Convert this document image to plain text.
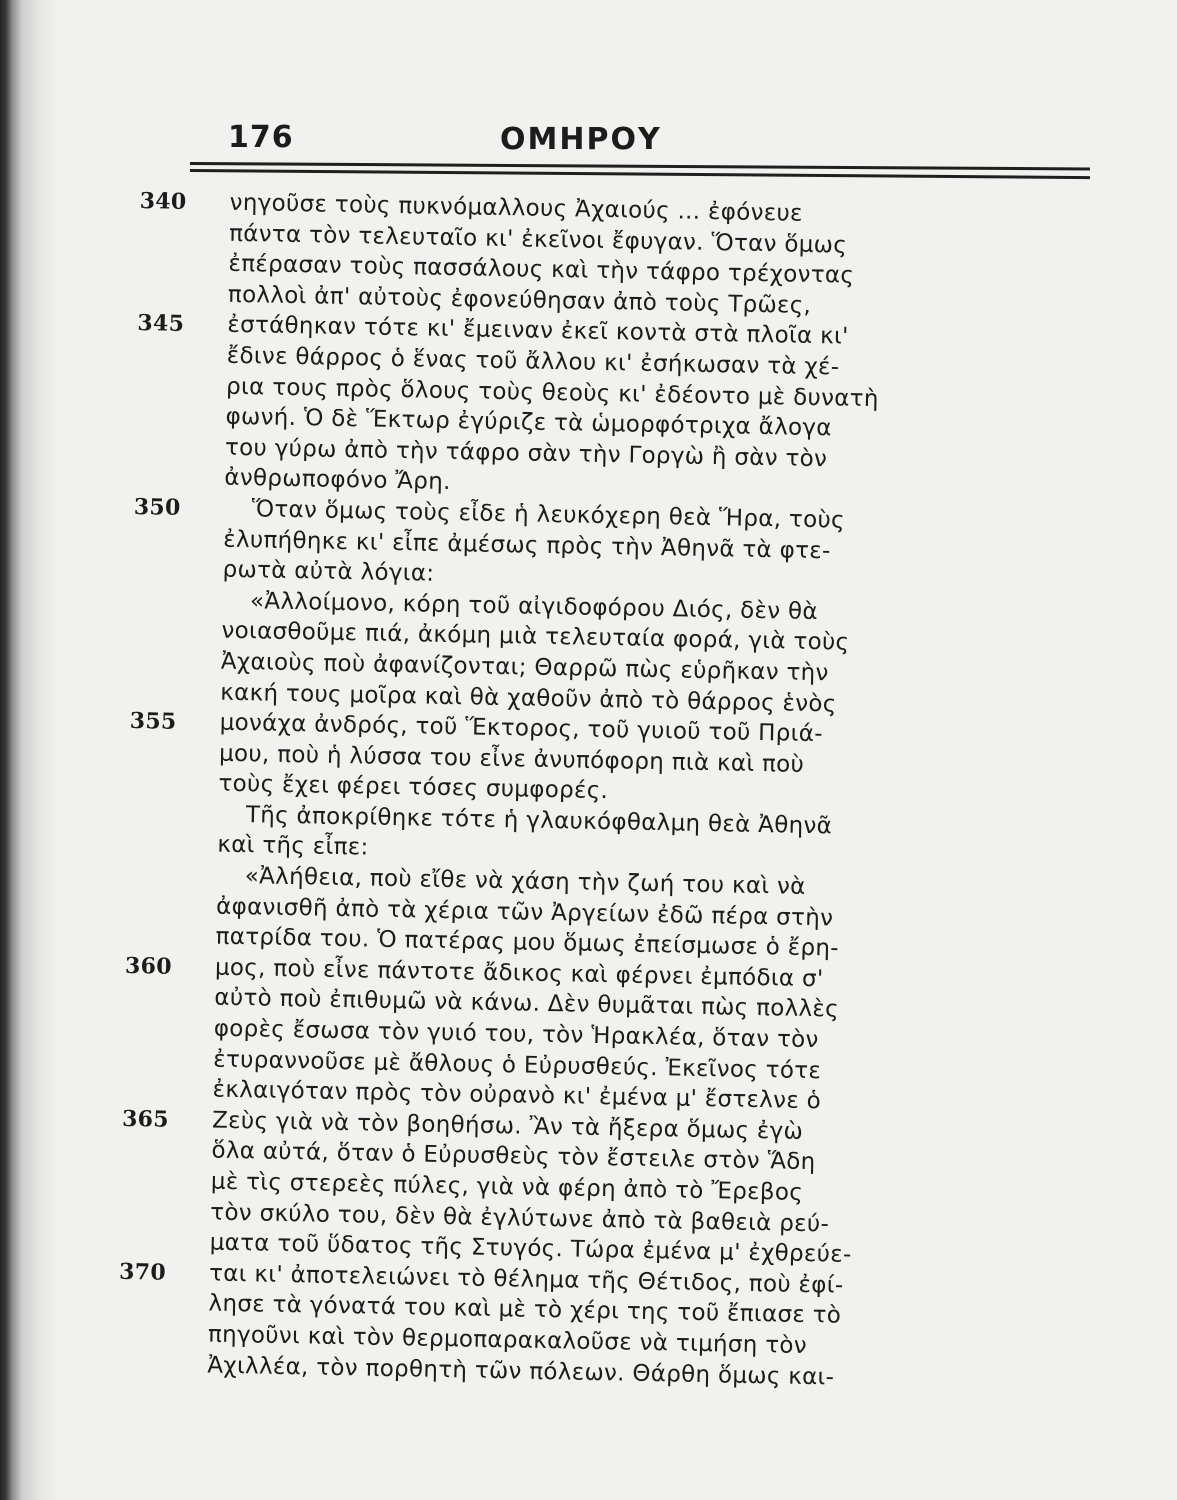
176	ΟΜΗΡΟΥ
340 νηγοῦσε τοὺς πυκνόμαλλους Ἀχαιούς ... ἐφόνευε
πάντα τὸν τελευταῖο κι' ἐκεῖνοι ἔφυγαν. Ὅταν ὅμως
ἐπέρασαν τοὺς πασσάλους καὶ τὴν τάφρο τρέχοντας
πολλοὶ ἀπ' αὐτοὺς ἐφονεύθησαν ἀπὸ τοὺς Τρῶες,
345 ἐστάθηκαν τότε κι' ἔμειναν ἐκεῖ κοντὰ στὰ πλοῖα κι'
ἔδινε θάρρος ὁ ἕνας τοῦ ἄλλου κι' ἐσήκωσαν τὰ χέ-
ρια τους πρὸς ὅλους τοὺς θεοὺς κι' ἐδέοντο μὲ δυνατὴ
φωνή. Ὁ δὲ Ἕκτωρ ἐγύριζε τὰ ὡμορφότριχα ἄλογα
του γύρω ἀπὸ τὴν τάφρο σὰν τὴν Γοργὼ ἢ σὰν τὸν
ἀνθρωποφόνο Ἄρη.
350	Ὅταν ὅμως τοὺς εἶδε ἡ λευκόχερη θεὰ Ἥρα, τοὺς
ἐλυπήθηκε κι' εἶπε ἀμέσως πρὸς τὴν Ἀθηνᾶ τὰ φτε-
ρωτὰ αὐτὰ λόγια:
«Ἀλλοίμονο, κόρη τοῦ αἰγιδοφόρου Διός, δὲν θὰ
νοιασθοῦμε πιά, ἀκόμη μιὰ τελευταία φορά, γιὰ τοὺς
Ἀχαιοὺς ποὺ ἀφανίζονται; Θαρρῶ πὼς εὑρῆκαν τὴν
κακή τους μοῖρα καὶ θὰ χαθοῦν ἀπὸ τὸ θάρρος ἑνὸς
355 μονάχα ἀνδρός, τοῦ Ἕκτορος, τοῦ γυιοῦ τοῦ Πριά-
μου, ποὺ ἡ λύσσα του εἶνε ἀνυπόφορη πιὰ καὶ ποὺ
τοὺς ἔχει φέρει τόσες συμφορές.
Τῆς ἀποκρίθηκε τότε ἡ γλαυκόφθαλμη θεὰ Ἀθηνᾶ
καὶ τῆς εἶπε:
«Ἀλήθεια, ποὺ εἴθε νὰ χάση τὴν ζωή του καὶ νὰ
ἀφανισθῆ ἀπὸ τὰ χέρια τῶν Ἀργείων ἐδῶ πέρα στὴν
πατρίδα του. Ὁ πατέρας μου ὅμως ἐπείσμωσε ὁ ἔρη-
360 μος, ποὺ εἶνε πάντοτε ἄδικος καὶ φέρνει ἐμπόδια σ'
αὐτὸ ποὺ ἐπιθυμῶ νὰ κάνω. Δὲν θυμᾶται πὼς πολλὲς
φορὲς ἔσωσα τὸν γυιό του, τὸν Ἡρακλέα, ὅταν τὸν
ἐτυραννοῦσε μὲ ἄθλους ὁ Εὐρυσθεύς. Ἐκεῖνος τότε
ἐκλαιγόταν πρὸς τὸν οὐρανὸ κι' ἐμένα μ' ἔστελνε ὁ
365 Ζεὺς γιὰ νὰ τὸν βοηθήσω. Ἂν τὰ ἤξερα ὅμως ἐγὼ
ὅλα αὐτά, ὅταν ὁ Εὐρυσθεὺς τὸν ἔστειλε στὸν Ἅδη
μὲ τὶς στερεὲς πύλες, γιὰ νὰ φέρη ἀπὸ τὸ Ἔρεβος
τὸν σκύλο του, δὲν θὰ ἐγλύτωνε ἀπὸ τὰ βαθειὰ ρεύ-
ματα τοῦ ὕδατος τῆς Στυγός. Τώρα ἐμένα μ' ἐχθρεύε-
370 ται κι' ἀποτελειώνει τὸ θέλημα τῆς Θέτιδος, ποὺ ἐφί-
λησε τὰ γόνατά του καὶ μὲ τὸ χέρι της τοῦ ἔπιασε τὸ
πηγοῦνι καὶ τὸν θερμοπαρακαλοῦσε νὰ τιμήση τὸν
Ἀχιλλέα, τὸν πορθητὴ τῶν πόλεων. Θάρθη ὅμως και-
